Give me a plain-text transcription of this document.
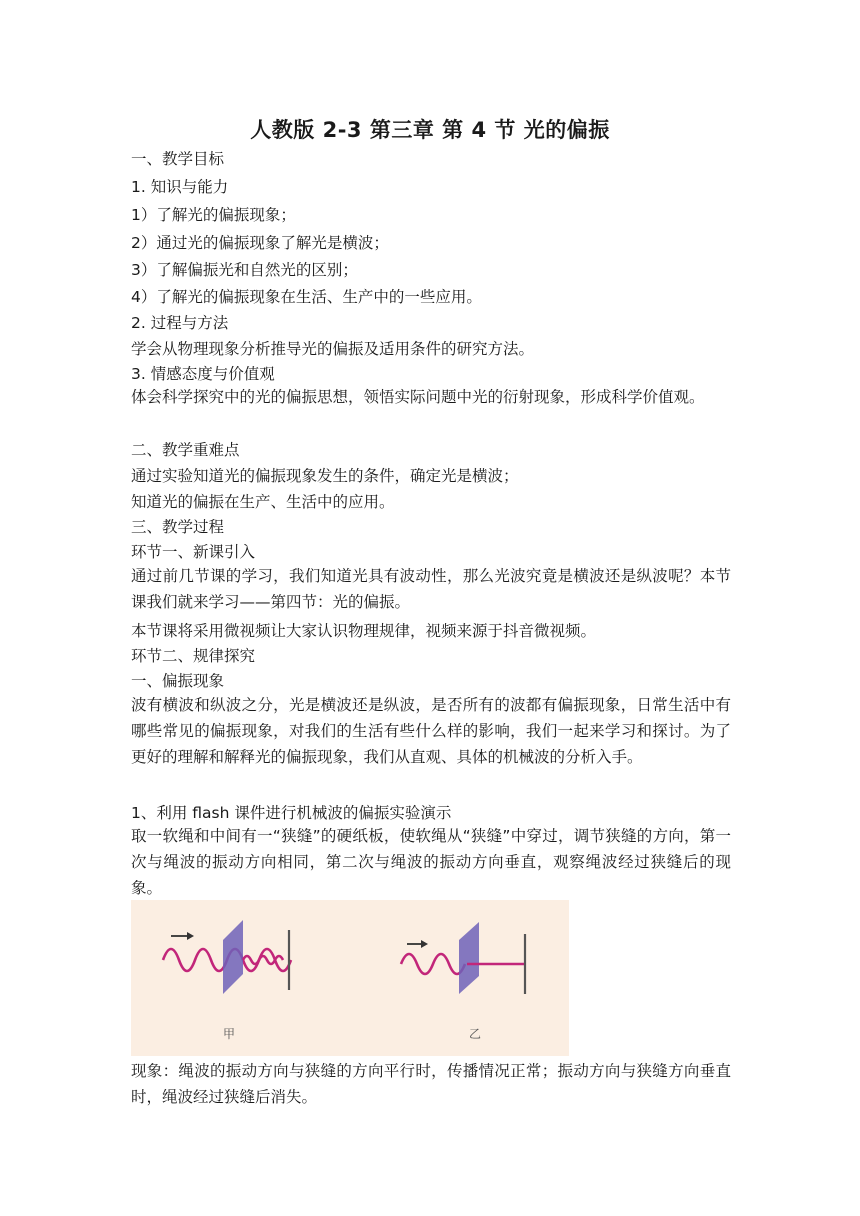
人教版 2-3 第三章 第 4 节 光的偏振
一、教学目标
1. 知识与能力
1）了解光的偏振现象；
2）通过光的偏振现象了解光是横波；
3）了解偏振光和自然光的区别；
4）了解光的偏振现象在生活、生产中的一些应用。
2. 过程与方法
学会从物理现象分析推导光的偏振及适用条件的研究方法。
3. 情感态度与价值观
体会科学探究中的光的偏振思想，领悟实际问题中光的衍射现象，形成科学价值观。
二、教学重难点
通过实验知道光的偏振现象发生的条件，确定光是横波；
知道光的偏振在生产、生活中的应用。
三、教学过程
环节一、新课引入
通过前几节课的学习，我们知道光具有波动性，那么光波究竟是横波还是纵波呢？本节课我们就来学习——第四节：光的偏振。
本节课将采用微视频让大家认识物理规律，视频来源于抖音微视频。
环节二、规律探究
一、偏振现象
波有横波和纵波之分，光是横波还是纵波，是否所有的波都有偏振现象，日常生活中有哪些常见的偏振现象，对我们的生活有些什么样的影响，我们一起来学习和探讨。为了更好的理解和解释光的偏振现象，我们从直观、具体的机械波的分析入手。
1、利用 flash 课件进行机械波的偏振实验演示
取一软绳和中间有一“狭缝”的硬纸板，使软绳从“狭缝”中穿过，调节狭缝的方向，第一次与绳波的振动方向相同，第二次与绳波的振动方向垂直，观察绳波经过狭缝后的现象。
甲	乙
现象：绳波的振动方向与狭缝的方向平行时，传播情况正常；振动方向与狭缝方向垂直时，绳波经过狭缝后消失。
